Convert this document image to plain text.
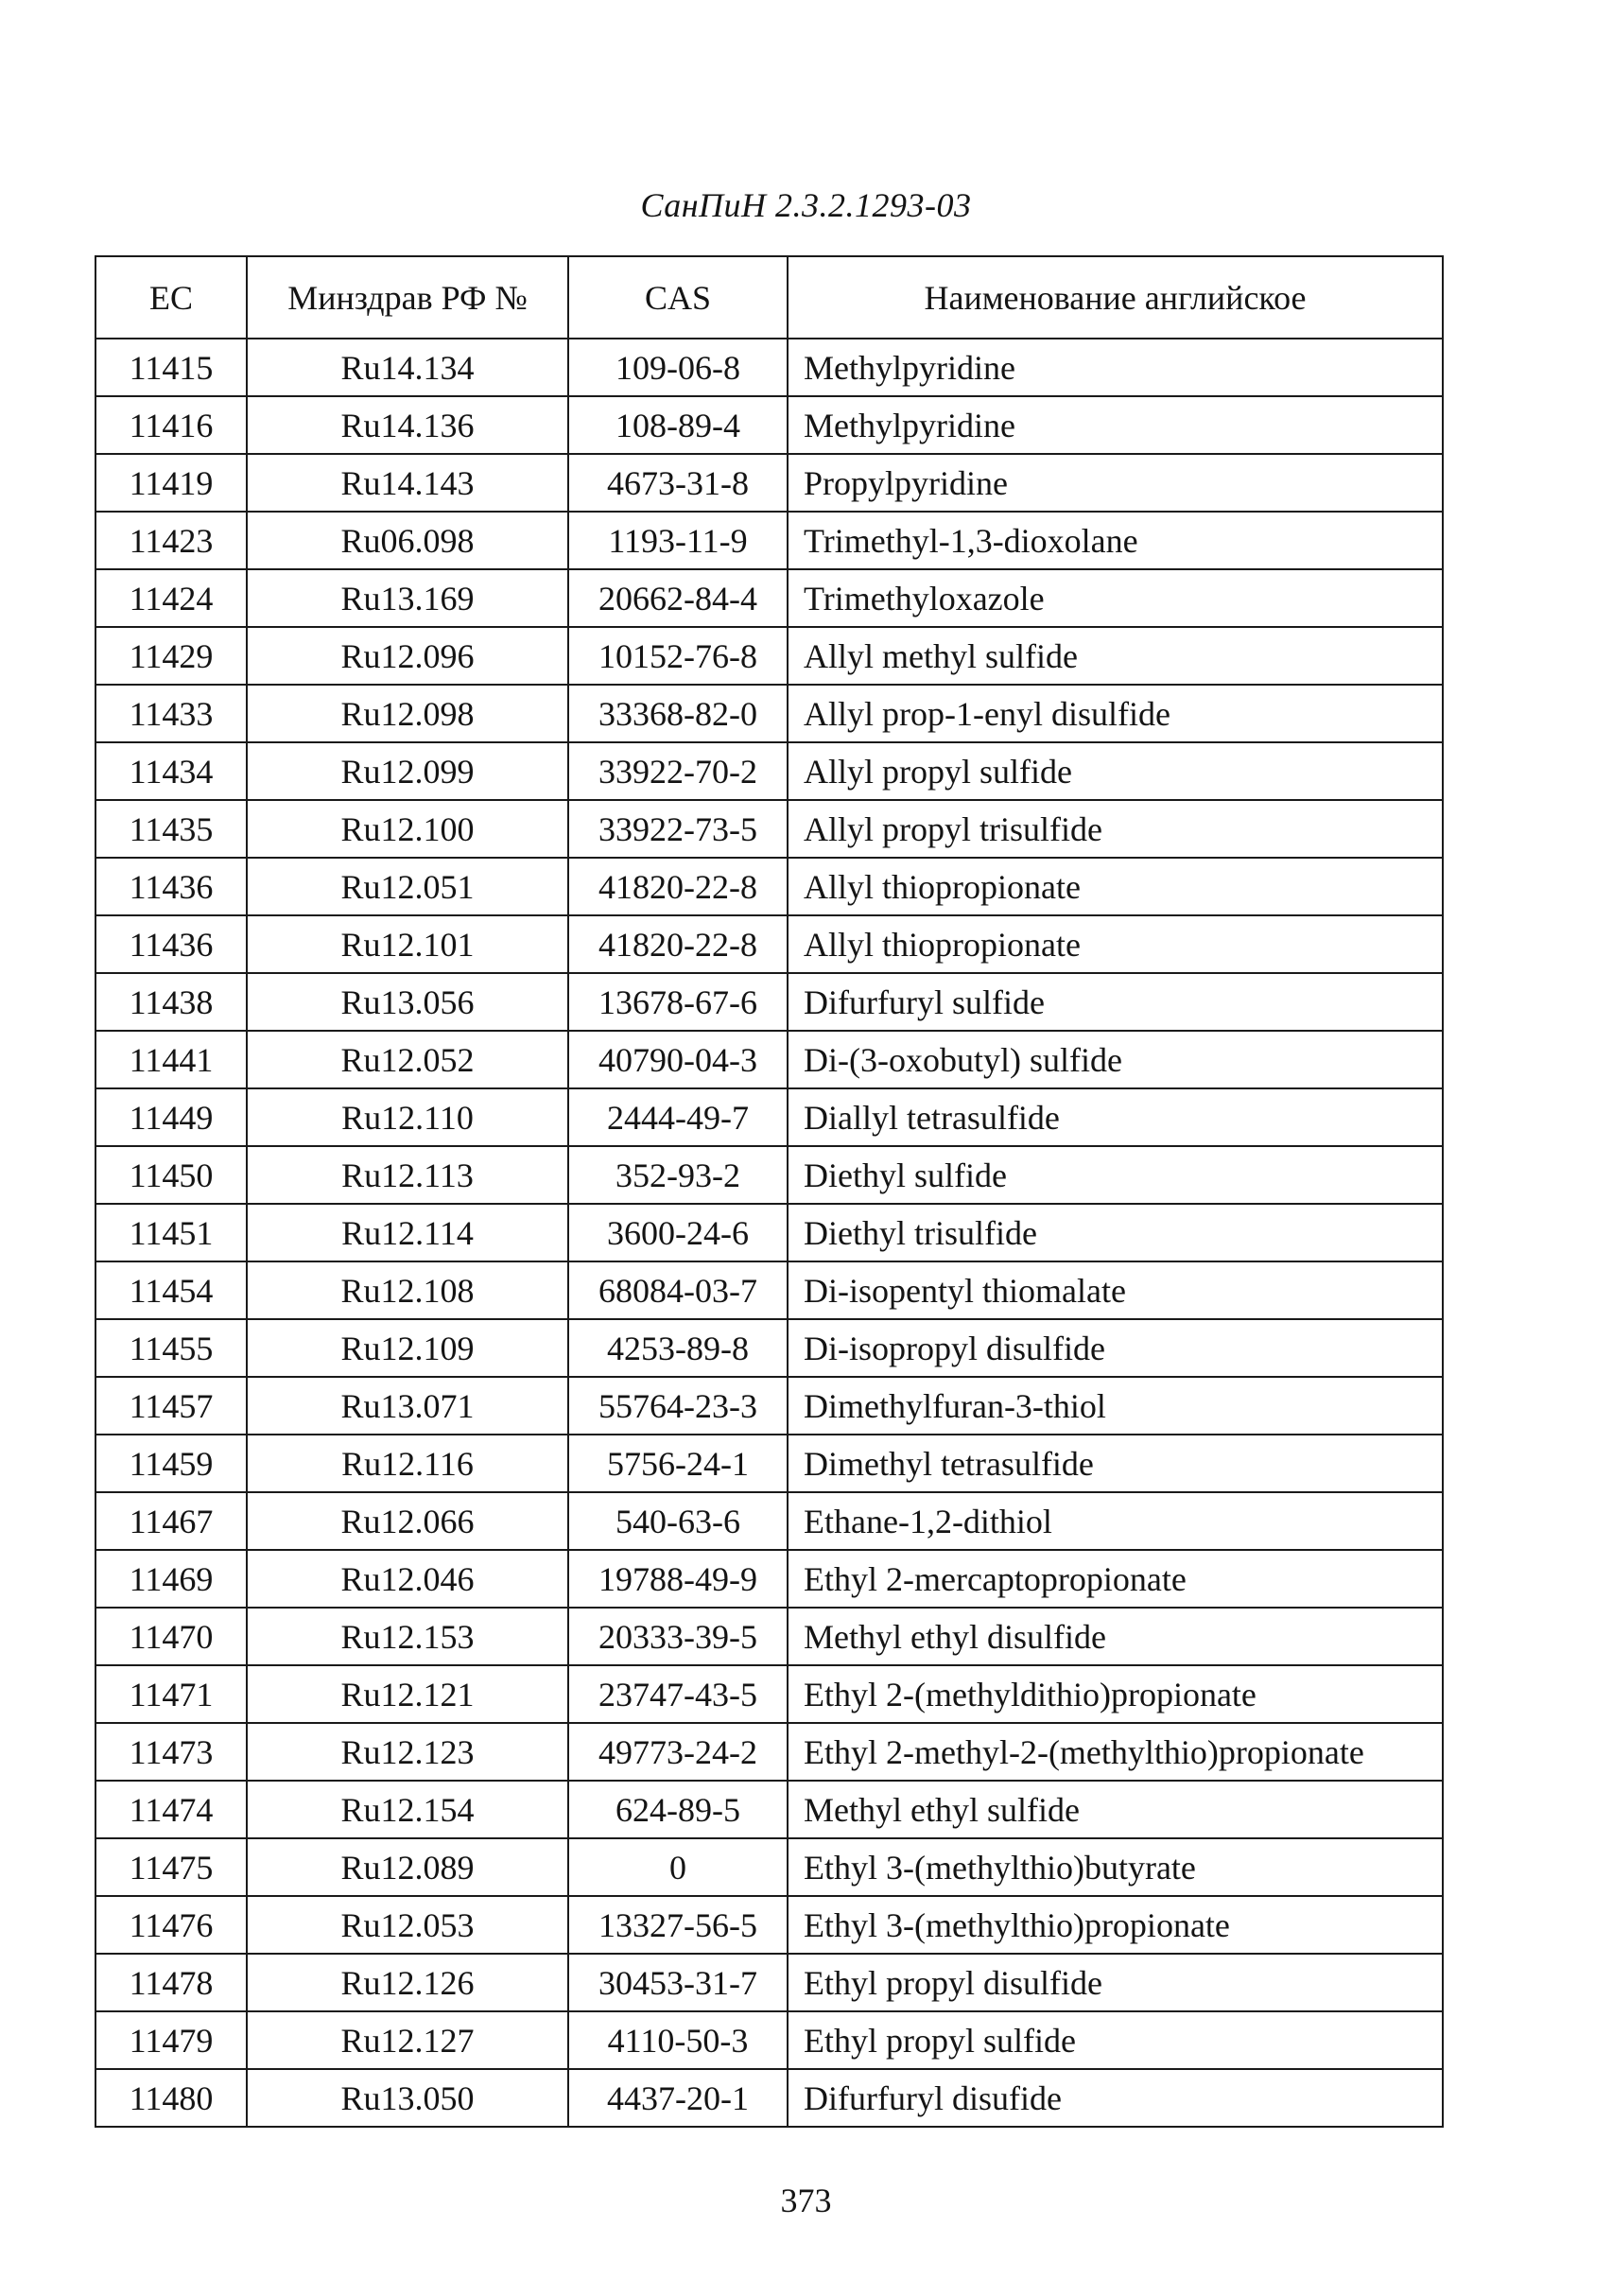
СанПиН 2.3.2.1293-03
ЕС	Минздрав РФ №	CAS	Наименование английское
11415	Ru14.134	109-06-8	Methylpyridine
11416	Ru14.136	108-89-4	Methylpyridine
11419	Ru14.143	4673-31-8	Propylpyridine
11423	Ru06.098	1193-11-9	Trimethyl-1,3-dioxolane
11424	Ru13.169	20662-84-4	Trimethyloxazole
11429	Ru12.096	10152-76-8	Allyl methyl sulfide
11433	Ru12.098	33368-82-0	Allyl prop-1-enyl disulfide
11434	Ru12.099	33922-70-2	Allyl propyl sulfide
11435	Ru12.100	33922-73-5	Allyl propyl trisulfide
11436	Ru12.051	41820-22-8	Allyl thiopropionate
11436	Ru12.101	41820-22-8	Allyl thiopropionate
11438	Ru13.056	13678-67-6	Difurfuryl sulfide
11441	Ru12.052	40790-04-3	Di-(3-oxobutyl) sulfide
11449	Ru12.110	2444-49-7	Diallyl tetrasulfide
11450	Ru12.113	352-93-2	Diethyl sulfide
11451	Ru12.114	3600-24-6	Diethyl trisulfide
11454	Ru12.108	68084-03-7	Di-isopentyl thiomalate
11455	Ru12.109	4253-89-8	Di-isopropyl disulfide
11457	Ru13.071	55764-23-3	Dimethylfuran-3-thiol
11459	Ru12.116	5756-24-1	Dimethyl tetrasulfide
11467	Ru12.066	540-63-6	Ethane-1,2-dithiol
11469	Ru12.046	19788-49-9	Ethyl 2-mercaptopropionate
11470	Ru12.153	20333-39-5	Methyl ethyl disulfide
11471	Ru12.121	23747-43-5	Ethyl 2-(methyldithio)propionate
11473	Ru12.123	49773-24-2	Ethyl 2-methyl-2-(methylthio)propionate
11474	Ru12.154	624-89-5	Methyl ethyl sulfide
11475	Ru12.089	0	Ethyl 3-(methylthio)butyrate
11476	Ru12.053	13327-56-5	Ethyl 3-(methylthio)propionate
11478	Ru12.126	30453-31-7	Ethyl propyl disulfide
11479	Ru12.127	4110-50-3	Ethyl propyl sulfide
11480	Ru13.050	4437-20-1	Difurfuryl disufide
373
